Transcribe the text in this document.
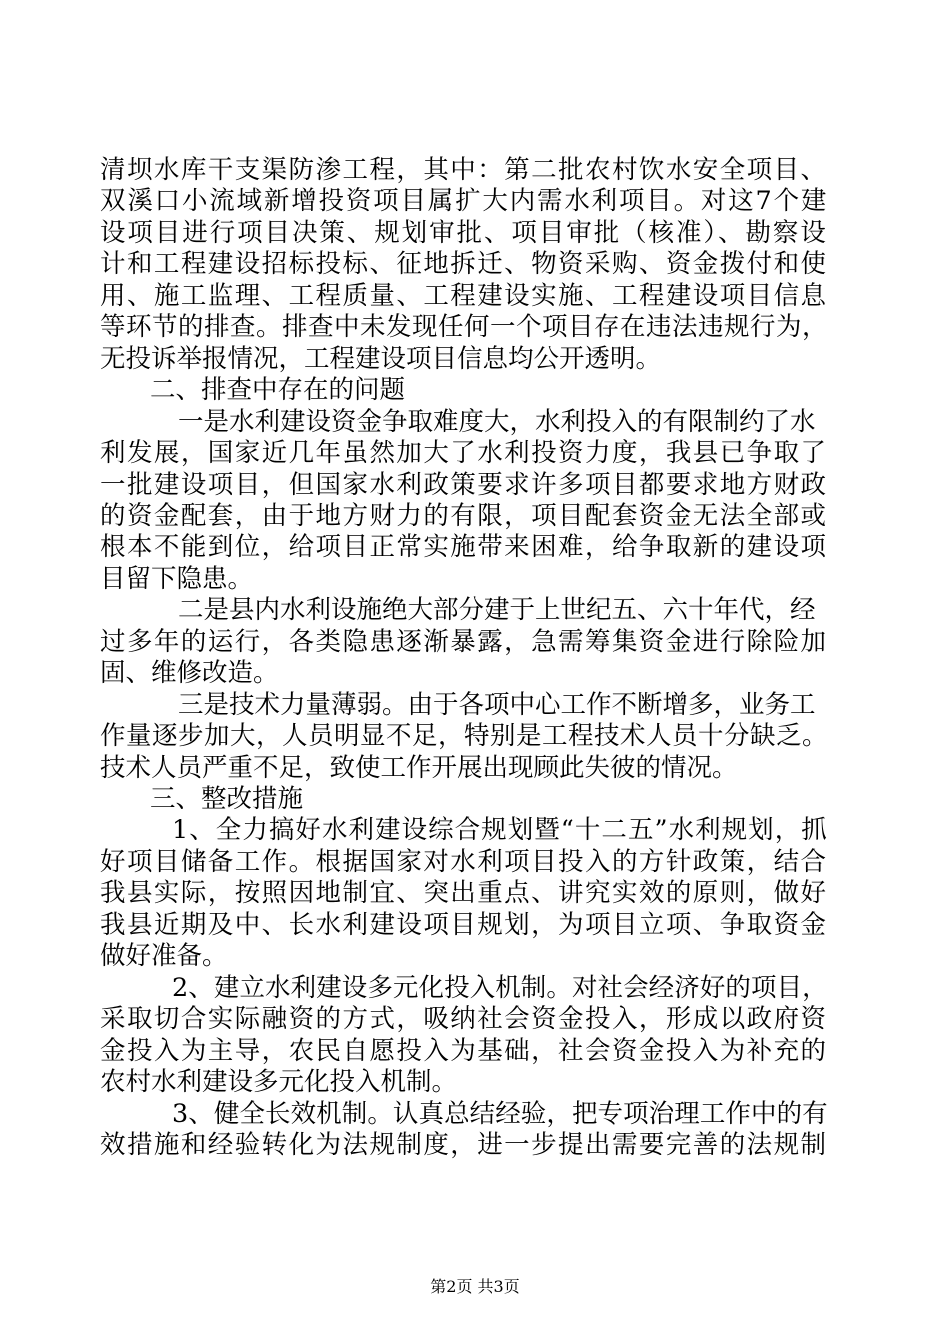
清坝水库干支渠防渗工程，其中：第二批农村饮水安全项目、
双溪口小流域新增投资项目属扩大内需水利项目。对这7个建
设项目进行项目决策、规划审批、项目审批（核准）、勘察设
计和工程建设招标投标、征地拆迁、物资采购、资金拨付和使
用、施工监理、工程质量、工程建设实施、工程建设项目信息
等环节的排查。排查中未发现任何一个项目存在违法违规行为，
无投诉举报情况，工程建设项目信息均公开透明。
二、排查中存在的问题
一是水利建设资金争取难度大，水利投入的有限制约了水
利发展，国家近几年虽然加大了水利投资力度，我县已争取了
一批建设项目，但国家水利政策要求许多项目都要求地方财政
的资金配套，由于地方财力的有限，项目配套资金无法全部或
根本不能到位，给项目正常实施带来困难，给争取新的建设项
目留下隐患。
二是县内水利设施绝大部分建于上世纪五、六十年代，经
过多年的运行，各类隐患逐渐暴露，急需筹集资金进行除险加
固、维修改造。
三是技术力量薄弱。由于各项中心工作不断增多，业务工
作量逐步加大，人员明显不足，特别是工程技术人员十分缺乏。
技术人员严重不足，致使工作开展出现顾此失彼的情况。
三、整改措施
1、全力搞好水利建设综合规划暨“十二五”水利规划，抓
好项目储备工作。根据国家对水利项目投入的方针政策，结合
我县实际，按照因地制宜、突出重点、讲究实效的原则，做好
我县近期及中、长水利建设项目规划，为项目立项、争取资金
做好准备。
2、建立水利建设多元化投入机制。对社会经济好的项目，
采取切合实际融资的方式，吸纳社会资金投入，形成以政府资
金投入为主导，农民自愿投入为基础，社会资金投入为补充的
农村水利建设多元化投入机制。
3、健全长效机制。认真总结经验，把专项治理工作中的有
效措施和经验转化为法规制度，进一步提出需要完善的法规制
第2页 共3页
